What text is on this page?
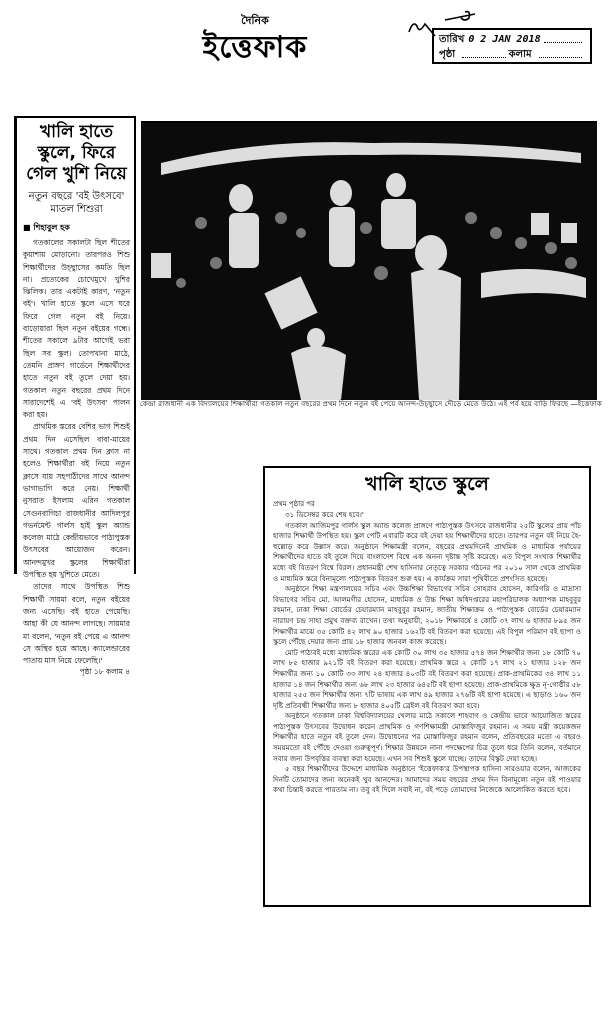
দৈনিক
ইত্তেফাক	তারিখ 0 2 JAN 2018
পৃষ্ঠা	কলাম
খালি হাতে স্কুলে, ফিরে গেল খুশি নিয়ে
নতুন বছরে 'বই উৎসবে' মাতল শিশুরা
■ শিহাবুল হক

গতকালের সকালটা ছিল শীতের কুয়াশায় মোড়ানো। তারপরও শিশু শিক্ষার্থীদের উচ্ছ্বাসের কমতি ছিল না। প্রত্যেকের চোখেমুখে খুশির ঝিলিক। তার একটাই কারণ, 'নতুন বই'। খালি হাতে স্কুলে এসে ঘরে ফিরে গেল নতুন বই নিয়ে। বাড়োয়ারা ছিল নতুন বইয়ের গন্ধে। শীতের সকালে ৯টার আগেই ভরা ছিল সব স্কুল। তোপখানা মাঠে, তেমনি প্রাঙ্গণ গার্ডেনে শিক্ষার্থীদের হাতে নতুন বই তুলে দেয়া হয়। গতকাল নতুন বছরের প্রথম দিনে সারাদেশেই এ 'বই উৎসব' পালন করা হয়।

প্রাথমিক স্তরের বেশির ভাগ শিশুই প্রথম দিন এসেছিল বাবা-মায়ের সাথে। গতকাল প্রথম দিন ক্লাস না হলেও শিক্ষার্থীরা বই নিয়ে নতুন ক্লাসে যায় সহপাঠীদের সাথে আনন্দ ভাগাভাগি করে নেয়। শিক্ষার্থী নুসরাত ইসলাম এরিন গতকাল সেগুনবাগিচা রাজধানীর আদিলপুর গভর্নমেন্ট গার্লস হাই স্কুল অ্যান্ড কলেজ মাঠে কেন্দ্রীয়ভাবে পাঠ্যপুস্তক উৎসবের আয়োজন করেন। আনন্দমুখর স্কুলের শিক্ষার্থীরা উপস্থিত হয় খুশিতে মেতে।

তাদের সাথে উপস্থিত শিশু শিক্ষার্থী সায়মা বলে, নতুন বইয়ের জন্য এসেছি। বই হাতে পেয়েছি। আহা কী যে আনন্দ লাগছে। সায়মার মা বলেন, 'নতুন বই পেয়ে এ আনন্দ সে অস্থির হয়ে আছে। ক্যালেন্ডারের পাতায় মাস নিয়ে ফেলেছি।'

পৃষ্ঠা ১৮ কলাম ৪
কেন্দ্রা রাজধানী এক বিদ্যালয়ের শিক্ষার্থীরা গতকাল নতুন বছরের প্রথম দিনে নতুন বই পেয়ে আনন্দ-উচ্ছ্বাসে দৌড়ে মেতে উঠে। এই পর্ব হয়ে বাড়ি ফিরছে —ইত্তেফাক
খালি হাতে স্কুলে
প্রথম পৃষ্ঠার পর

৩১ ডিসেম্বর করে শেষ হবে।'

গতকাল আজিমপুর গার্লস স্কুল অ্যান্ড কলেজ প্রাঙ্গণে পাঠ্যপুস্তক উৎসবে রাজধানীর ২৫টি স্কুলের প্রায় পাঁচ হাজার শিক্ষার্থী উপস্থিত হয়। স্কুল পেটি এবারটি করে বই দেয়া হয় শিক্ষার্থীদের হাতে। তারপর নতুন বই নিয়ে হৈ-হুল্লোড় করে উল্লাস করে। অনুষ্ঠানে শিক্ষামন্ত্রী বলেন, বছরের প্রথমদিনেই প্রাথমিক ও মাধ্যমিক পর্যায়ের শিক্ষার্থীদের হাতে বই তুলে দিয়ে বাংলাদেশ বিশ্বে এক অনন্য দৃষ্টান্ত সৃষ্টি করেছে। এত বিপুল সংখ্যক শিক্ষার্থীর মধ্যে বই বিতরণ বিশ্বে বিরল। প্রধানমন্ত্রী শেখ হাসিনার নেতৃত্বে সরকার গঠনের পর ২০১০ সাল থেকে প্রাথমিক ও মাধ্যমিক স্তরে বিনামূল্যে পাঠ্যপুস্তক বিতরণ শুরু হয়। এ কার্যক্রম সারা পৃথিবীতে প্রশংসিত হয়েছে।

অনুষ্ঠানে শিক্ষা মন্ত্রণালয়ের সচিব এবং উচ্চশিক্ষা বিভাগের সচিব সোহরাব হোসেন, কারিগরি ও মাদ্রাসা বিভাগের সচিব মো. আলমগীর হোসেন, মাধ্যমিক ও উচ্চ শিক্ষা অধিদপ্তরের মহাপরিচালক অধ্যাপক মাহবুবুর রহমান, ঢাকা শিক্ষা বোর্ডের চেয়ারম্যান মাহবুবুর রহমান, জাতীয় শিক্ষাক্রম ও পাঠ্যপুস্তক বোর্ডের চেয়ারম্যান নারায়ণ চন্দ্র সাহা প্রমুখ বক্তব্য রাখেন। তথ্য অনুযায়ী, ২০১৮ শিক্ষাবর্ষে ৪ কোটি ৩৭ লাখ ৬ হাজার ৮৯৫ জন শিক্ষার্থীর মাঝে ৩৫ কোটি ৪২ লাখ ৯০ হাজার ১৬২টি বই বিতরণ করা হয়েছে। এই বিপুল পরিমাণ বই ছাপা ও স্কুলে পৌঁছে দেয়ার জন্য প্রায় ১৮ হাজার জনবল কাজ করেছে।

মোট পাঠ্যবই মধ্যে মাধ্যমিক স্তরের এক কোটি ৩০ লাখ ৩৫ হাজার ৫৭৪ জন শিক্ষার্থীর জন্য ১৮ কোটি ৭০ লাখ ৮৫ হাজার ৯২১টি বই বিতরণ করা হয়েছে। প্রাথমিক স্তরে ২ কোটি ১৭ লাখ ২১ হাজার ১২৮ জন শিক্ষার্থীর জন্য ১০ কোটি ৩৩ লাখ ২৪ হাজার ৪০৩টি বই বিতরণ করা হয়েছে। প্রাক-প্রাথমিকের ৩৪ লাখ ১১ হাজার ১৪ জন শিক্ষার্থীর জন্য ৬৮ লাখ ২৩ হাজার ৬৪৫টি বই ছাপা হয়েছে। প্রাক-প্রাথমিকে ক্ষুদ্র নৃ-গোষ্ঠীর ৫৮ হাজার ২৫৫ জন শিক্ষার্থীর জন্য ৭টি ভাষায় এক লাখ ৪৯ হাজার ২৭৬টি বই ছাপা হয়েছে। এ ছাড়াও ১৬০ জন দৃষ্টি প্রতিবন্ধী শিক্ষার্থীর জন্য ৮ হাজার ৪০৫টি ব্রেইল বই বিতরণ করা হবে।

অনুষ্ঠানে গতকাল ঢাকা বিশ্ববিদ্যালয়ের খেলার মাঠে সকালে শাহবাগ ও কেন্দ্রীয় ভাবে আয়োজিত স্তরের পাঠ্যপুস্তক উৎসবের উদ্বোধন করেন প্রাথমিক ও গণশিক্ষামন্ত্রী মোস্তাফিজুর রহমান। এ সময় মন্ত্রী কয়েকজন শিক্ষার্থীর হাতে নতুন বই তুলে দেন। উদ্বোধনের পর মোস্তাফিজুর রহমান বলেন, প্রতিবছরের মতো এ বছরও সময়মতো বই পৌঁছে দেওয়া গুরুত্বপূর্ণ। শিক্ষার উন্নয়নে নানা পদক্ষেপের চিত্র তুলে ধরে তিনি বলেন, বর্তমানে সবার জন্য উপবৃত্তির ব্যবস্থা করা হয়েছে। এখন সব শিশুই স্কুলে যাচ্ছে। তাদের বিস্কুট দেয়া হচ্ছে।

৫ বছর শিক্ষার্থীদের উদ্দেশে মাধ্যমিক অনুষ্ঠানে 'ইত্তেফাক'র উপস্থাপক হাসিনা সারওয়ার বলেন, আজকের দিনটি তোমাদের জন্য অনেকই খুব আনন্দের। আমাদের সময় বছরের প্রথম দিন বিনামূল্যে নতুন বই পাওয়ার কথা চিন্তাই করতে পারতাম না। তবু বই দিলে সবাই না, বই পড়ে তোমাদের নিজেকে আলোকিত করতে হবে।
